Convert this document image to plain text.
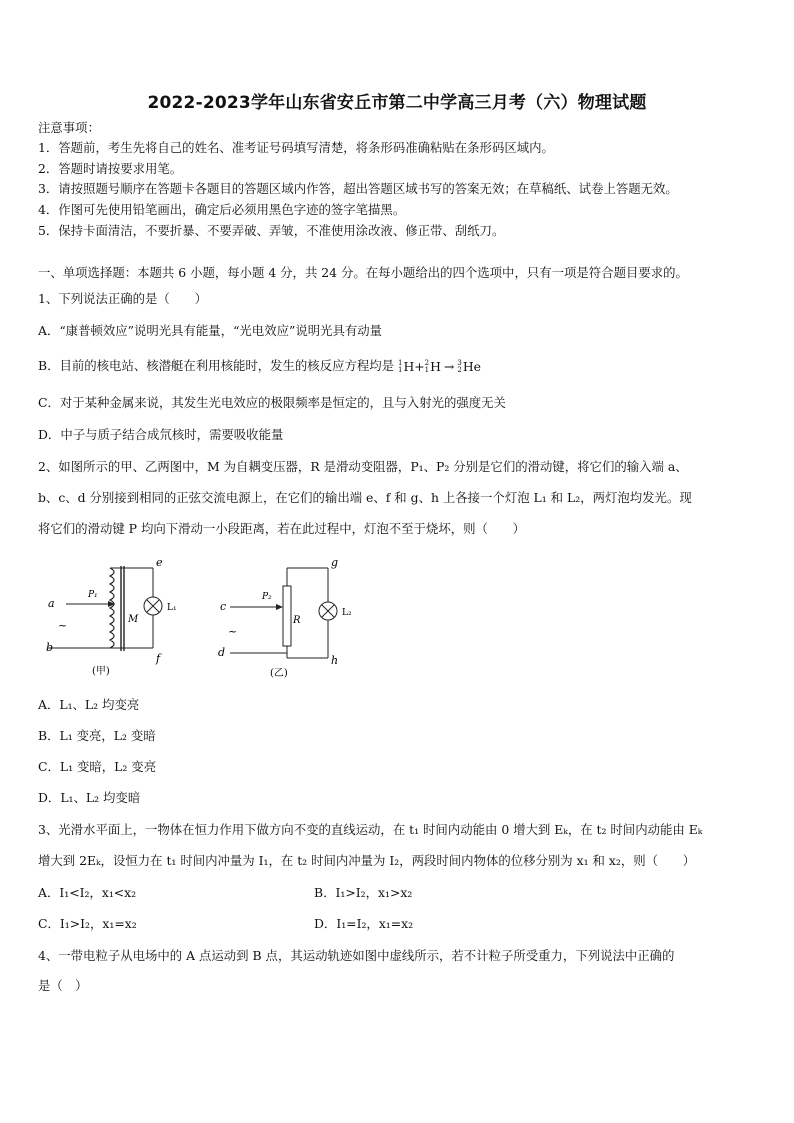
2022-2023学年山东省安丘市第二中学高三月考（六）物理试题
注意事项：
1．答题前，考生先将自己的姓名、准考证号码填写清楚，将条形码准确粘贴在条形码区域内。
2．答题时请按要求用笔。
3．请按照题号顺序在答题卡各题目的答题区域内作答，超出答题区域书写的答案无效；在草稿纸、试卷上答题无效。
4．作图可先使用铅笔画出，确定后必须用黑色字迹的签字笔描黑。
5．保持卡面清洁，不要折暴、不要弄破、弄皱，不准使用涂改液、修正带、刮纸刀。
一、单项选择题：本题共 6 小题，每小题 4 分，共 24 分。在每小题给出的四个选项中，只有一项是符合题目要求的。
1、下列说法正确的是（　　）
A．“康普顿效应”说明光具有能量，“光电效应”说明光具有动量
B．目前的核电站、核潜艇在利用核能时，发生的核反应方程均是 1
1 H + 2
1 H → 3
2 He
C．对于某种金属来说，其发生光电效应的极限频率是恒定的，且与入射光的强度无关
D．中子与质子结合成氘核时，需要吸收能量
2、如图所示的甲、乙两图中，M 为自耦变压器，R 是滑动变阻器，P₁、P₂ 分别是它们的滑动键，将它们的输入端 a、
b、c、d 分别接到相同的正弦交流电源上，在它们的输出端 e、f 和 g、h 上各接一个灯泡 L₁ 和 L₂，两灯泡均发光。现
将它们的滑动键 P 均向下滑动一小段距离，若在此过程中，灯泡不至于烧坏，则（　　）
a
b
e
f
P₁
M
L₁
~
(甲)
c
d
g
h
P₂
R
L₂
~
(乙)
A．L₁、L₂ 均变亮
B．L₁ 变亮，L₂ 变暗
C．L₁ 变暗，L₂ 变亮
D．L₁、L₂ 均变暗
3、光滑水平面上，一物体在恒力作用下做方向不变的直线运动，在 t₁ 时间内动能由 0 增大到 Eₖ，在 t₂ 时间内动能由 Eₖ
增大到 2Eₖ，设恒力在 t₁ 时间内冲量为 I₁，在 t₂ 时间内冲量为 I₂，两段时间内物体的位移分别为 x₁ 和 x₂，则（　　）
A．I₁<I₂，x₁<x₂	B．I₁>I₂，x₁>x₂
C．I₁>I₂，x₁=x₂	D．I₁=I₂，x₁=x₂
4、一带电粒子从电场中的 A 点运动到 B 点，其运动轨迹如图中虚线所示，若不计粒子所受重力，下列说法中正确的
是（　）
